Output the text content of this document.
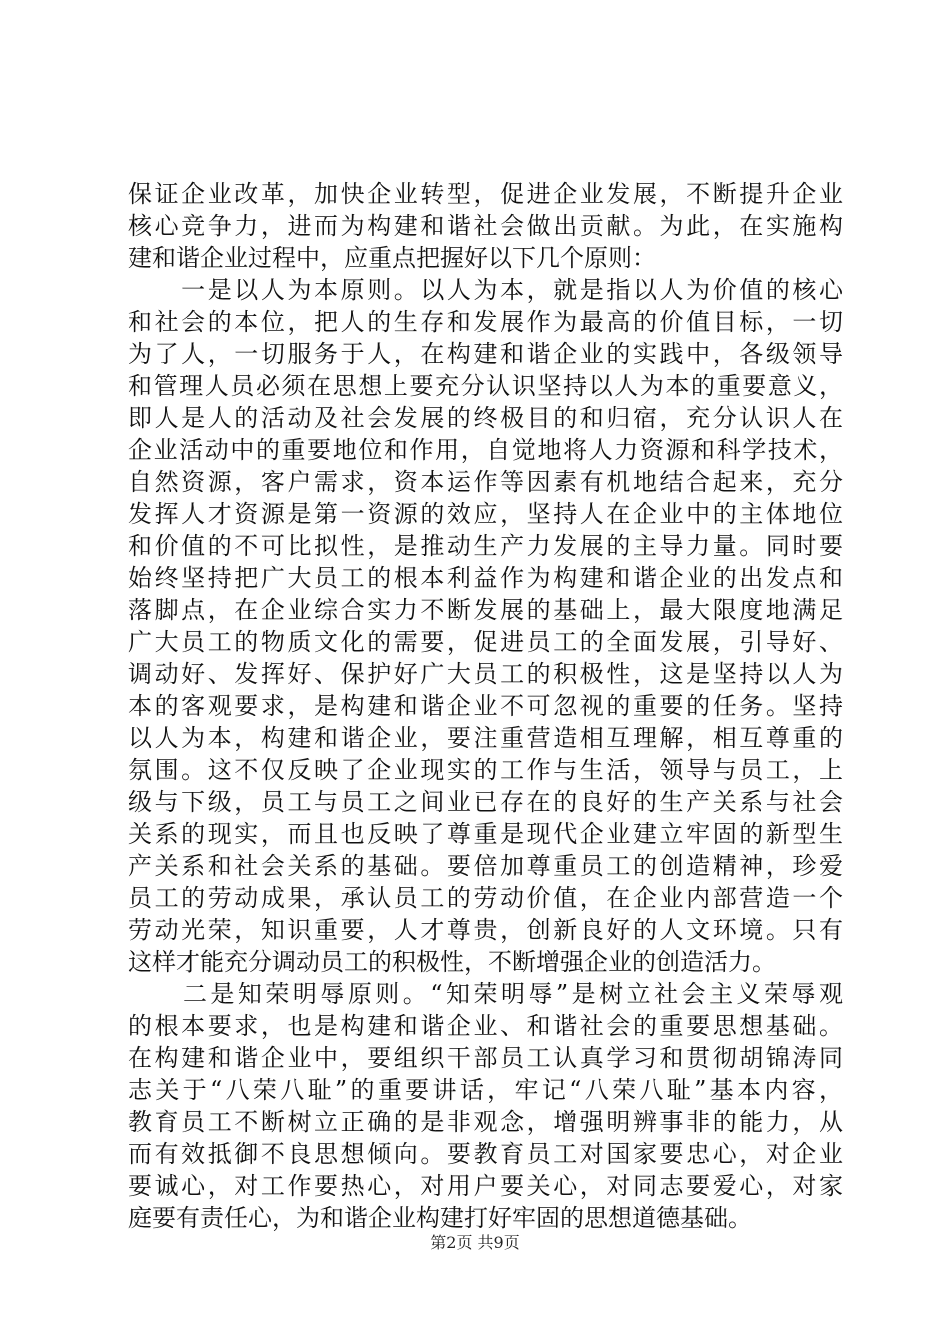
保证企业改革，加快企业转型，促进企业发展，不断提升企业
核心竞争力，进而为构建和谐社会做出贡献。为此，在实施构
建和谐企业过程中，应重点把握好以下几个原则：
　　一是以人为本原则。以人为本，就是指以人为价值的核心
和社会的本位，把人的生存和发展作为最高的价值目标，一切
为了人，一切服务于人，在构建和谐企业的实践中，各级领导
和管理人员必须在思想上要充分认识坚持以人为本的重要意义，
即人是人的活动及社会发展的终极目的和归宿，充分认识人在
企业活动中的重要地位和作用，自觉地将人力资源和科学技术，
自然资源，客户需求，资本运作等因素有机地结合起来，充分
发挥人才资源是第一资源的效应，坚持人在企业中的主体地位
和价值的不可比拟性，是推动生产力发展的主导力量。同时要
始终坚持把广大员工的根本利益作为构建和谐企业的出发点和
落脚点，在企业综合实力不断发展的基础上，最大限度地满足
广大员工的物质文化的需要，促进员工的全面发展，引导好、
调动好、发挥好、保护好广大员工的积极性，这是坚持以人为
本的客观要求，是构建和谐企业不可忽视的重要的任务。坚持
以人为本，构建和谐企业，要注重营造相互理解，相互尊重的
氛围。这不仅反映了企业现实的工作与生活，领导与员工，上
级与下级，员工与员工之间业已存在的良好的生产关系与社会
关系的现实，而且也反映了尊重是现代企业建立牢固的新型生
产关系和社会关系的基础。要倍加尊重员工的创造精神，珍爱
员工的劳动成果，承认员工的劳动价值，在企业内部营造一个
劳动光荣，知识重要，人才尊贵，创新良好的人文环境。只有
这样才能充分调动员工的积极性，不断增强企业的创造活力。
　　二是知荣明辱原则。“知荣明辱”是树立社会主义荣辱观
的根本要求，也是构建和谐企业、和谐社会的重要思想基础。
在构建和谐企业中，要组织干部员工认真学习和贯彻胡锦涛同
志关于“八荣八耻”的重要讲话，牢记“八荣八耻”基本内容，
教育员工不断树立正确的是非观念，增强明辨事非的能力，从
而有效抵御不良思想倾向。要教育员工对国家要忠心，对企业
要诚心，对工作要热心，对用户要关心，对同志要爱心，对家
庭要有责任心，为和谐企业构建打好牢固的思想道德基础。
第2页 共9页
